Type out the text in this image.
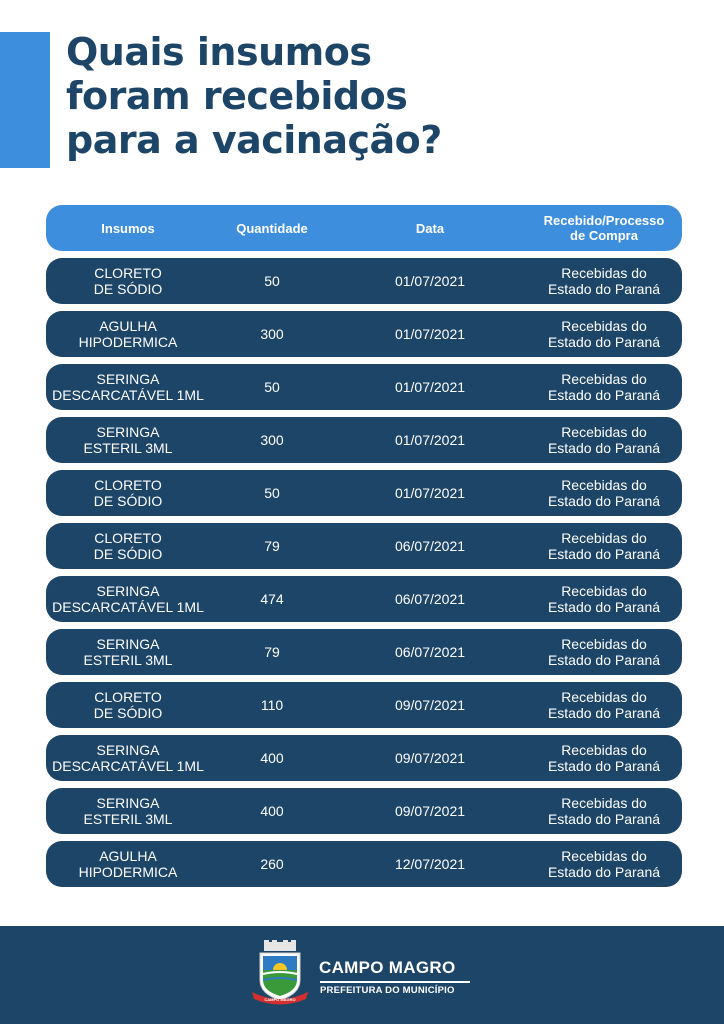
Quais insumos
foram recebidos
para a vacinação?
Insumos	Quantidade	Data	Recebido/Processo
de Compra
CLORETO
DE SÓDIO	50	01/07/2021	Recebidas do
Estado do Paraná
AGULHA
HIPODERMICA	300	01/07/2021	Recebidas do
Estado do Paraná
SERINGA
DESCARCATÁVEL 1ML	50	01/07/2021	Recebidas do
Estado do Paraná
SERINGA
ESTERIL 3ML	300	01/07/2021	Recebidas do
Estado do Paraná
CLORETO
DE SÓDIO	50	01/07/2021	Recebidas do
Estado do Paraná
CLORETO
DE SÓDIO	79	06/07/2021	Recebidas do
Estado do Paraná
SERINGA
DESCARCATÁVEL 1ML	474	06/07/2021	Recebidas do
Estado do Paraná
SERINGA
ESTERIL 3ML	79	06/07/2021	Recebidas do
Estado do Paraná
CLORETO
DE SÓDIO	110	09/07/2021	Recebidas do
Estado do Paraná
SERINGA
DESCARCATÁVEL 1ML	400	09/07/2021	Recebidas do
Estado do Paraná
SERINGA
ESTERIL 3ML	400	09/07/2021	Recebidas do
Estado do Paraná
AGULHA
HIPODERMICA	260	12/07/2021	Recebidas do
Estado do Paraná
CAMPO MAGRO
CAMPO MAGRO
PREFEITURA DO MUNICÍPIO
